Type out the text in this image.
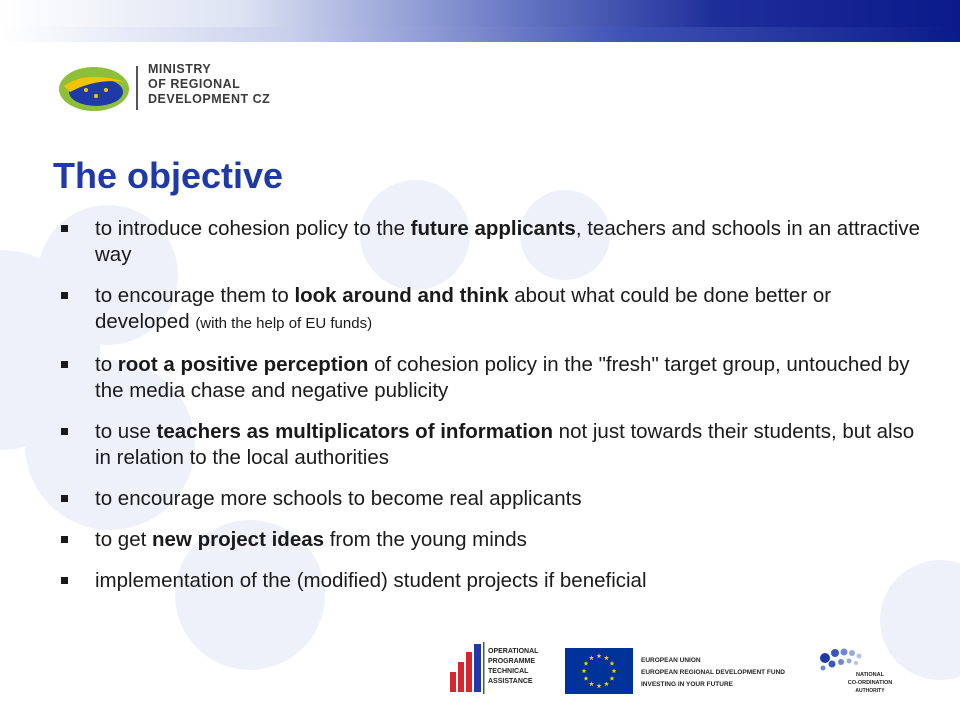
MINISTRY
OF REGIONAL
DEVELOPMENT CZ
The objective
to introduce cohesion policy to the future applicants, teachers and schools in an attractive way
to encourage them to look around and think about what could be done better or developed (with the help of EU funds)
to root a positive perception of cohesion policy in the "fresh" target group, untouched by the media chase and negative publicity
to use teachers as multiplicators of information not just towards their students, but also in relation to the local authorities
to encourage more schools to become real applicants
to get new project ideas from the young minds
implementation of the (modified) student projects if beneficial
OPERATIONAL
PROGRAMME
TECHNICAL
ASSISTANCE
EUROPEAN UNION
EUROPEAN REGIONAL DEVELOPMENT FUND
INVESTING IN YOUR FUTURE
NATIONAL
CO-ORDINATION
AUTHORITY
